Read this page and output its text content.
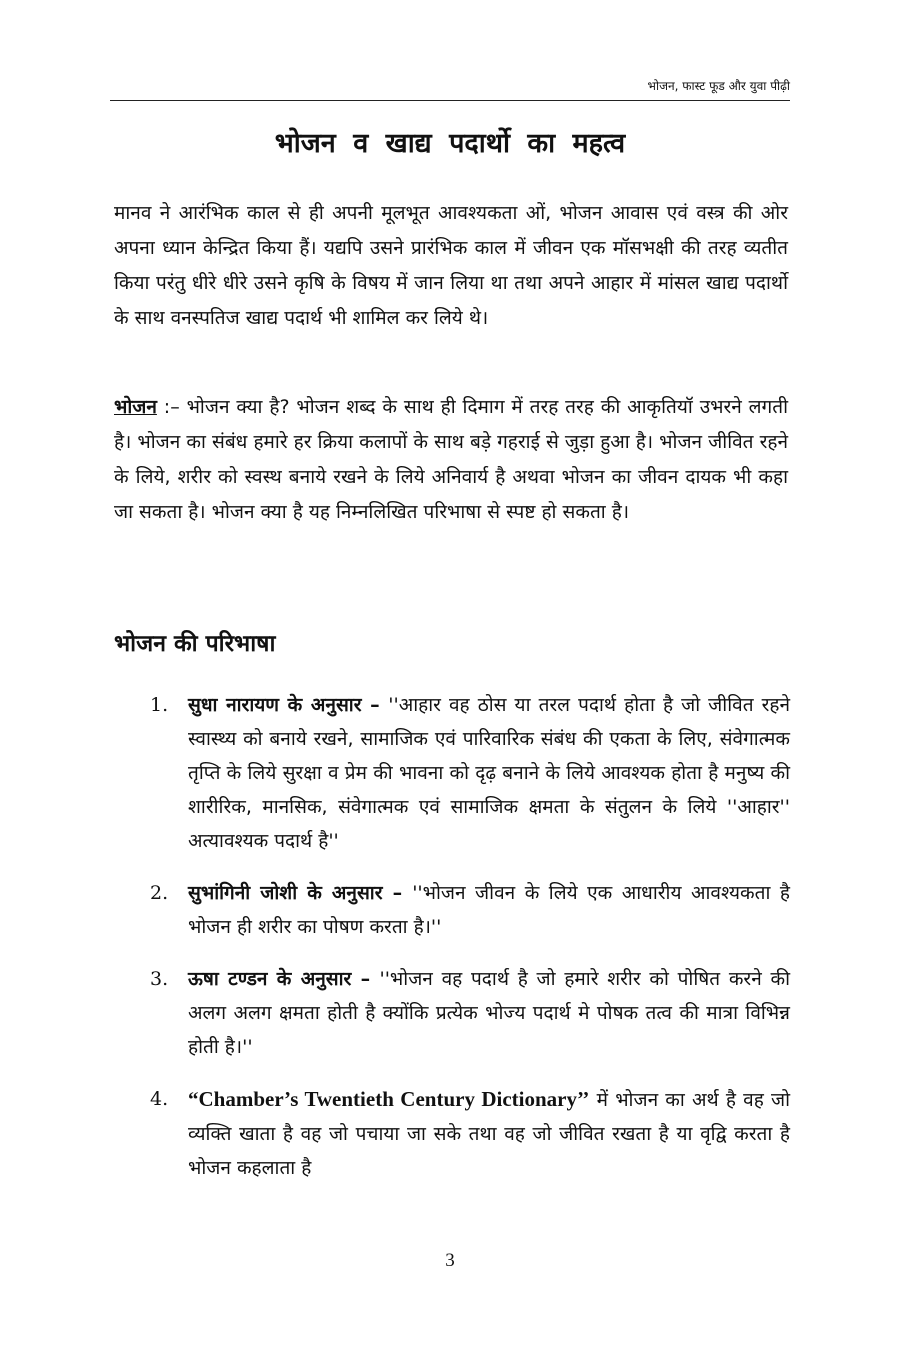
भोजन, फास्ट फूड और युवा पीढ़ी
भोजन व खाद्य पदार्थो का महत्व

मानव ने आरंभिक काल से ही अपनी मूलभूत आवश्यकता ओं, भोजन आवास एवं वस्त्र की ओर अपना ध्यान केन्द्रित किया हैं। यद्यपि उसने प्रारंभिक काल में जीवन एक मॉसभक्षी की तरह व्यतीत किया परंतु धीरे धीरे उसने कृषि के विषय में जान लिया था तथा अपने आहार में मांसल खाद्य पदार्थो के साथ वनस्पतिज खाद्य पदार्थ भी शामिल कर लिये थे।

भोजन :– भोजन क्या है? भोजन शब्द के साथ ही दिमाग में तरह तरह की आकृतियॉ उभरने लगती है। भोजन का संबंध हमारे हर क्रिया कलापों के साथ बड़े गहराई से जुड़ा हुआ है। भोजन जीवित रहने के लिये, शरीर को स्वस्थ बनाये रखने के लिये अनिवार्य है अथवा भोजन का जीवन दायक भी कहा जा सकता है। भोजन क्या है यह निम्नलिखित परिभाषा से स्पष्ट हो सकता है।

भोजन की परिभाषा
1. सुधा नारायण के अनुसार – ''आहार वह ठोस या तरल पदार्थ होता है जो जीवित रहने स्वास्थ्य को बनाये रखने, सामाजिक एवं पारिवारिक संबंध की एकता के लिए, संवेगात्मक तृप्ति के लिये सुरक्षा व प्रेम की भावना को दृढ़ बनाने के लिये आवश्यक होता है मनुष्य की शारीरिक, मानसिक, संवेगात्मक एवं सामाजिक क्षमता के संतुलन के लिये ''आहार'' अत्यावश्यक पदार्थ है''
2. सुभांगिनी जोशी के अनुसार – ''भोजन जीवन के लिये एक आधारीय आवश्यकता है भोजन ही शरीर का पोषण करता है।''
3. ऊषा टण्डन के अनुसार – ''भोजन वह पदार्थ है जो हमारे शरीर को पोषित करने की अलग अलग क्षमता होती है क्योंकि प्रत्येक भोज्य पदार्थ मे पोषक तत्व की मात्रा विभिन्न होती है।''
4. “Chamber’s Twentieth Century Dictionary’’ में भोजन का अर्थ है वह जो व्यक्ति खाता है वह जो पचाया जा सके तथा वह जो जीवित रखता है या वृद्वि करता है भोजन कहलाता है
3
